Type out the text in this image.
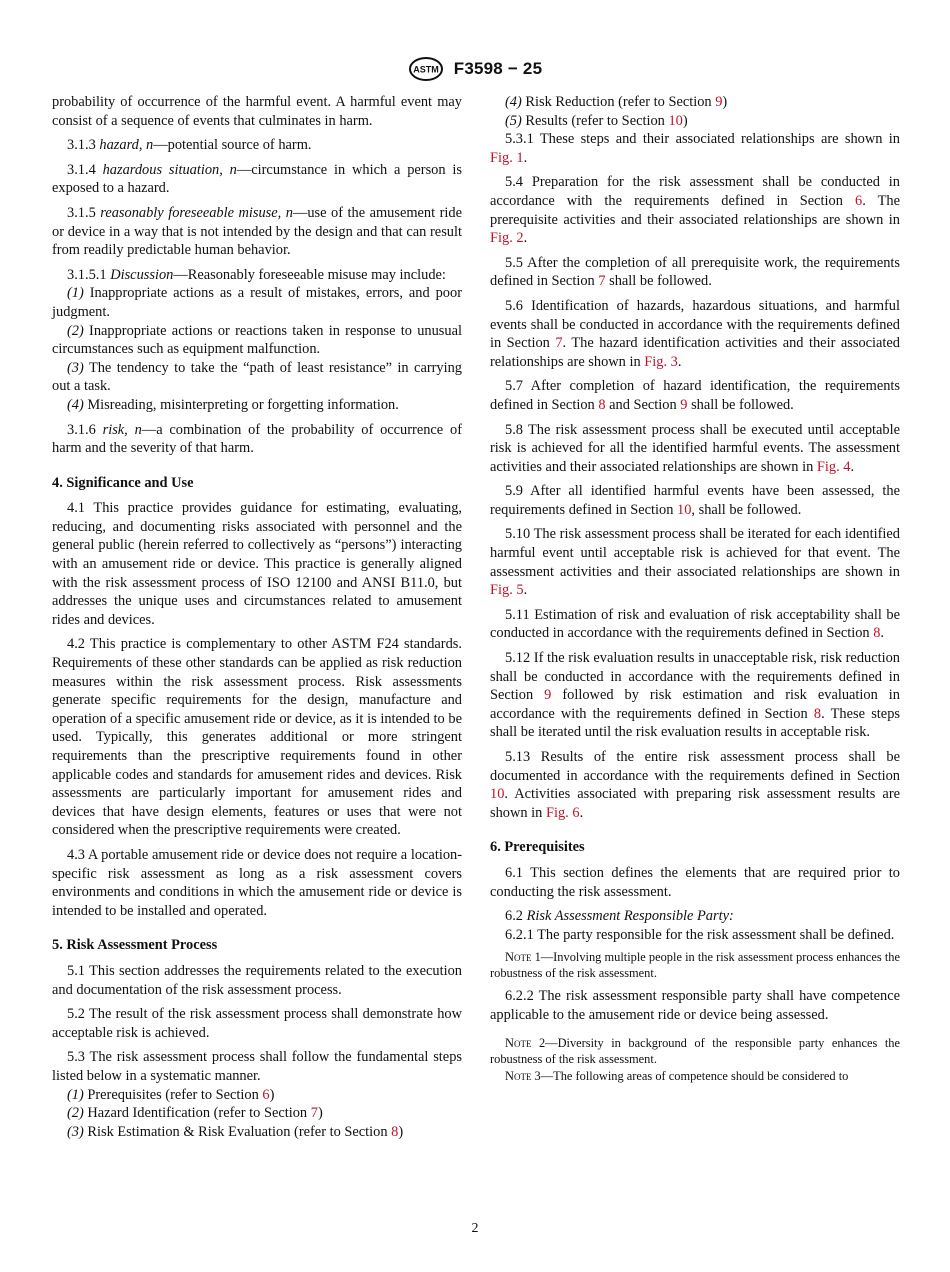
ASTM F3598 − 25

probability of occurrence of the harmful event. A harmful event may consist of a sequence of events that culminates in harm.

3.1.3 hazard, n—potential source of harm.

3.1.4 hazardous situation, n—circumstance in which a person is exposed to a hazard.

3.1.5 reasonably foreseeable misuse, n—use of the amusement ride or device in a way that is not intended by the design and that can result from readily predictable human behavior.

3.1.5.1 Discussion—Reasonably foreseeable misuse may include:

(1) Inappropriate actions as a result of mistakes, errors, and poor judgment.

(2) Inappropriate actions or reactions taken in response to unusual circumstances such as equipment malfunction.

(3) The tendency to take the “path of least resistance” in carrying out a task.

(4) Misreading, misinterpreting or forgetting information.

3.1.6 risk, n—a combination of the probability of occurrence of harm and the severity of that harm.

4. Significance and Use

4.1 This practice provides guidance for estimating, evaluating, reducing, and documenting risks associated with personnel and the general public (herein referred to collectively as “persons”) interacting with an amusement ride or device. This practice is generally aligned with the risk assessment process of ISO 12100 and ANSI B11.0, but addresses the unique uses and circumstances related to amusement rides and devices.

4.2 This practice is complementary to other ASTM F24 standards. Requirements of these other standards can be applied as risk reduction measures within the risk assessment process. Risk assessments generate specific requirements for the design, manufacture and operation of a specific amusement ride or device, as it is intended to be used. Typically, this generates additional or more stringent requirements than the prescriptive requirements found in other applicable codes and standards for amusement rides and devices. Risk assessments are particularly important for amusement rides and devices that have design elements, features or uses that were not considered when the prescriptive requirements were created.

4.3 A portable amusement ride or device does not require a location-specific risk assessment as long as a risk assessment covers environments and conditions in which the amusement ride or device is intended to be installed and operated.

5. Risk Assessment Process

5.1 This section addresses the requirements related to the execution and documentation of the risk assessment process.

5.2 The result of the risk assessment process shall demonstrate how acceptable risk is achieved.

5.3 The risk assessment process shall follow the fundamental steps listed below in a systematic manner.

(1) Prerequisites (refer to Section 6)

(2) Hazard Identification (refer to Section 7)

(3) Risk Estimation & Risk Evaluation (refer to Section 8)

(4) Risk Reduction (refer to Section 9)

(5) Results (refer to Section 10)

5.3.1 These steps and their associated relationships are shown in Fig. 1.

5.4 Preparation for the risk assessment shall be conducted in accordance with the requirements defined in Section 6. The prerequisite activities and their associated relationships are shown in Fig. 2.

5.5 After the completion of all prerequisite work, the requirements defined in Section 7 shall be followed.

5.6 Identification of hazards, hazardous situations, and harmful events shall be conducted in accordance with the requirements defined in Section 7. The hazard identification activities and their associated relationships are shown in Fig. 3.

5.7 After completion of hazard identification, the requirements defined in Section 8 and Section 9 shall be followed.

5.8 The risk assessment process shall be executed until acceptable risk is achieved for all the identified harmful events. The assessment activities and their associated relationships are shown in Fig. 4.

5.9 After all identified harmful events have been assessed, the requirements defined in Section 10, shall be followed.

5.10 The risk assessment process shall be iterated for each identified harmful event until acceptable risk is achieved for that event. The assessment activities and their associated relationships are shown in Fig. 5.

5.11 Estimation of risk and evaluation of risk acceptability shall be conducted in accordance with the requirements defined in Section 8.

5.12 If the risk evaluation results in unacceptable risk, risk reduction shall be conducted in accordance with the requirements defined in Section 9 followed by risk estimation and risk evaluation in accordance with the requirements defined in Section 8. These steps shall be iterated until the risk evaluation results in acceptable risk.

5.13 Results of the entire risk assessment process shall be documented in accordance with the requirements defined in Section 10. Activities associated with preparing risk assessment results are shown in Fig. 6.

6. Prerequisites

6.1 This section defines the elements that are required prior to conducting the risk assessment.

6.2 Risk Assessment Responsible Party:

6.2.1 The party responsible for the risk assessment shall be defined.

Note 1—Involving multiple people in the risk assessment process enhances the robustness of the risk assessment.

6.2.2 The risk assessment responsible party shall have competence applicable to the amusement ride or device being assessed.

Note 2—Diversity in background of the responsible party enhances the robustness of the risk assessment.

Note 3—The following areas of competence should be considered to

2
